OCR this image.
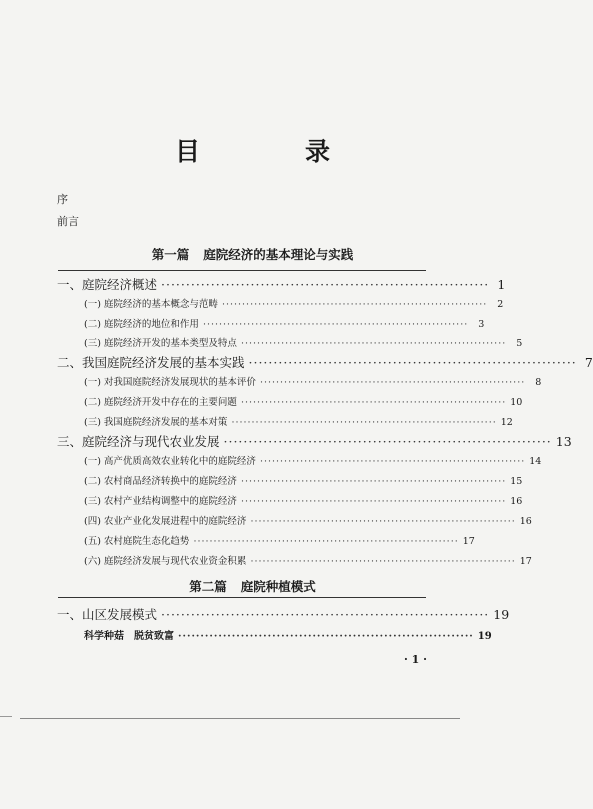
目　录
序
前言
第一篇 庭院经济的基本理论与实践
一、庭院经济概述 ·································································· 1
(一) 庭院经济的基本概念与范畴 ··································································	2
(二) 庭院经济的地位和作用 ··································································	3
(三) 庭院经济开发的基本类型及特点 ··································································	5
二、我国庭院经济发展的基本实践 ·································································· 7
(一) 对我国庭院经济发展现状的基本评价 ··································································	8
(二) 庭院经济开发中存在的主要问题 ·································································· 10
(三) 我国庭院经济发展的基本对策 ·································································· 12
三、庭院经济与现代农业发展 ·································································· 13
(一) 高产优质高效农业转化中的庭院经济 ·································································· 14
(二) 农村商品经济转换中的庭院经济 ·································································· 15
(三) 农村产业结构调整中的庭院经济 ·································································· 16
(四) 农业产业化发展进程中的庭院经济 ·································································· 16
(五) 农村庭院生态化趋势 ·································································· 17
(六) 庭院经济发展与现代农业资金积累 ·································································· 17
第二篇 庭院种植模式
一、山区发展模式 ·································································· 19
科学种菇　脱贫致富 ·································································· 19
· 1 ·
